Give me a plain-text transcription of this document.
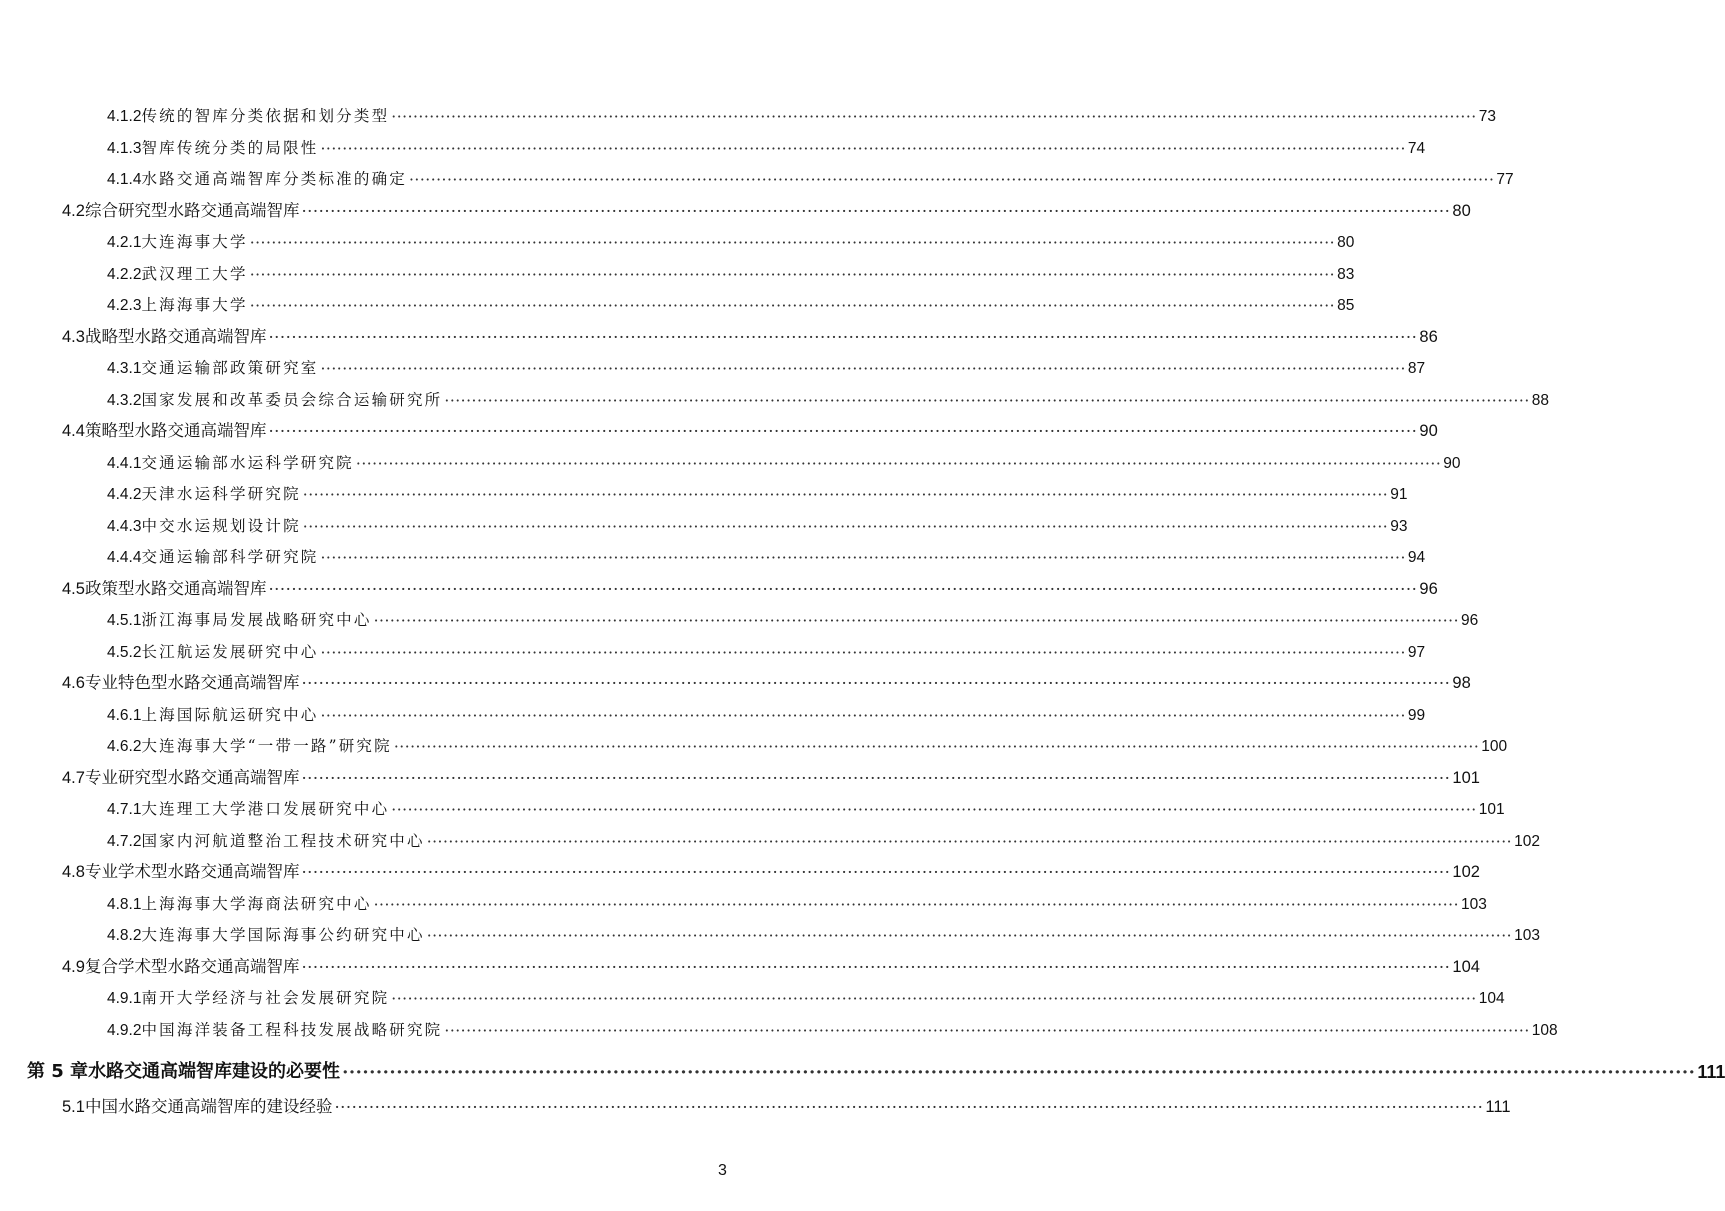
4.1.2 传统的智库分类依据和划分类型 ········································································································································································································ 73
4.1.3 智库传统分类的局限性 ········································································································································································································ 74
4.1.4 水路交通高端智库分类标准的确定 ········································································································································································································ 77
4.2 综合研究型水路交通高端智库 ········································································································································································································ 80
4.2.1 大连海事大学 ········································································································································································································ 80
4.2.2 武汉理工大学 ········································································································································································································ 83
4.2.3 上海海事大学 ········································································································································································································ 85
4.3 战略型水路交通高端智库 ········································································································································································································ 86
4.3.1 交通运输部政策研究室 ········································································································································································································ 87
4.3.2 国家发展和改革委员会综合运输研究所 ········································································································································································································ 88
4.4 策略型水路交通高端智库 ········································································································································································································ 90
4.4.1 交通运输部水运科学研究院 ········································································································································································································ 90
4.4.2 天津水运科学研究院 ········································································································································································································ 91
4.4.3 中交水运规划设计院 ········································································································································································································ 93
4.4.4 交通运输部科学研究院 ········································································································································································································ 94
4.5 政策型水路交通高端智库 ········································································································································································································ 96
4.5.1 浙江海事局发展战略研究中心 ········································································································································································································ 96
4.5.2 长江航运发展研究中心 ········································································································································································································ 97
4.6 专业特色型水路交通高端智库 ········································································································································································································ 98
4.6.1 上海国际航运研究中心 ········································································································································································································ 99
4.6.2 大连海事大学“一带一路”研究院 ········································································································································································································ 100
4.7 专业研究型水路交通高端智库 ········································································································································································································ 101
4.7.1 大连理工大学港口发展研究中心 ········································································································································································································ 101
4.7.2 国家内河航道整治工程技术研究中心 ········································································································································································································ 102
4.8 专业学术型水路交通高端智库 ········································································································································································································ 102
4.8.1 上海海事大学海商法研究中心 ········································································································································································································ 103
4.8.2 大连海事大学国际海事公约研究中心 ········································································································································································································ 103
4.9 复合学术型水路交通高端智库 ········································································································································································································ 104
4.9.1 南开大学经济与社会发展研究院 ········································································································································································································ 104
4.9.2 中国海洋装备工程科技发展战略研究院 ········································································································································································································ 108
第 5 章 水路交通高端智库建设的必要性 ········································································································································································································ 111
5.1 中国水路交通高端智库的建设经验 ········································································································································································································ 111
3
